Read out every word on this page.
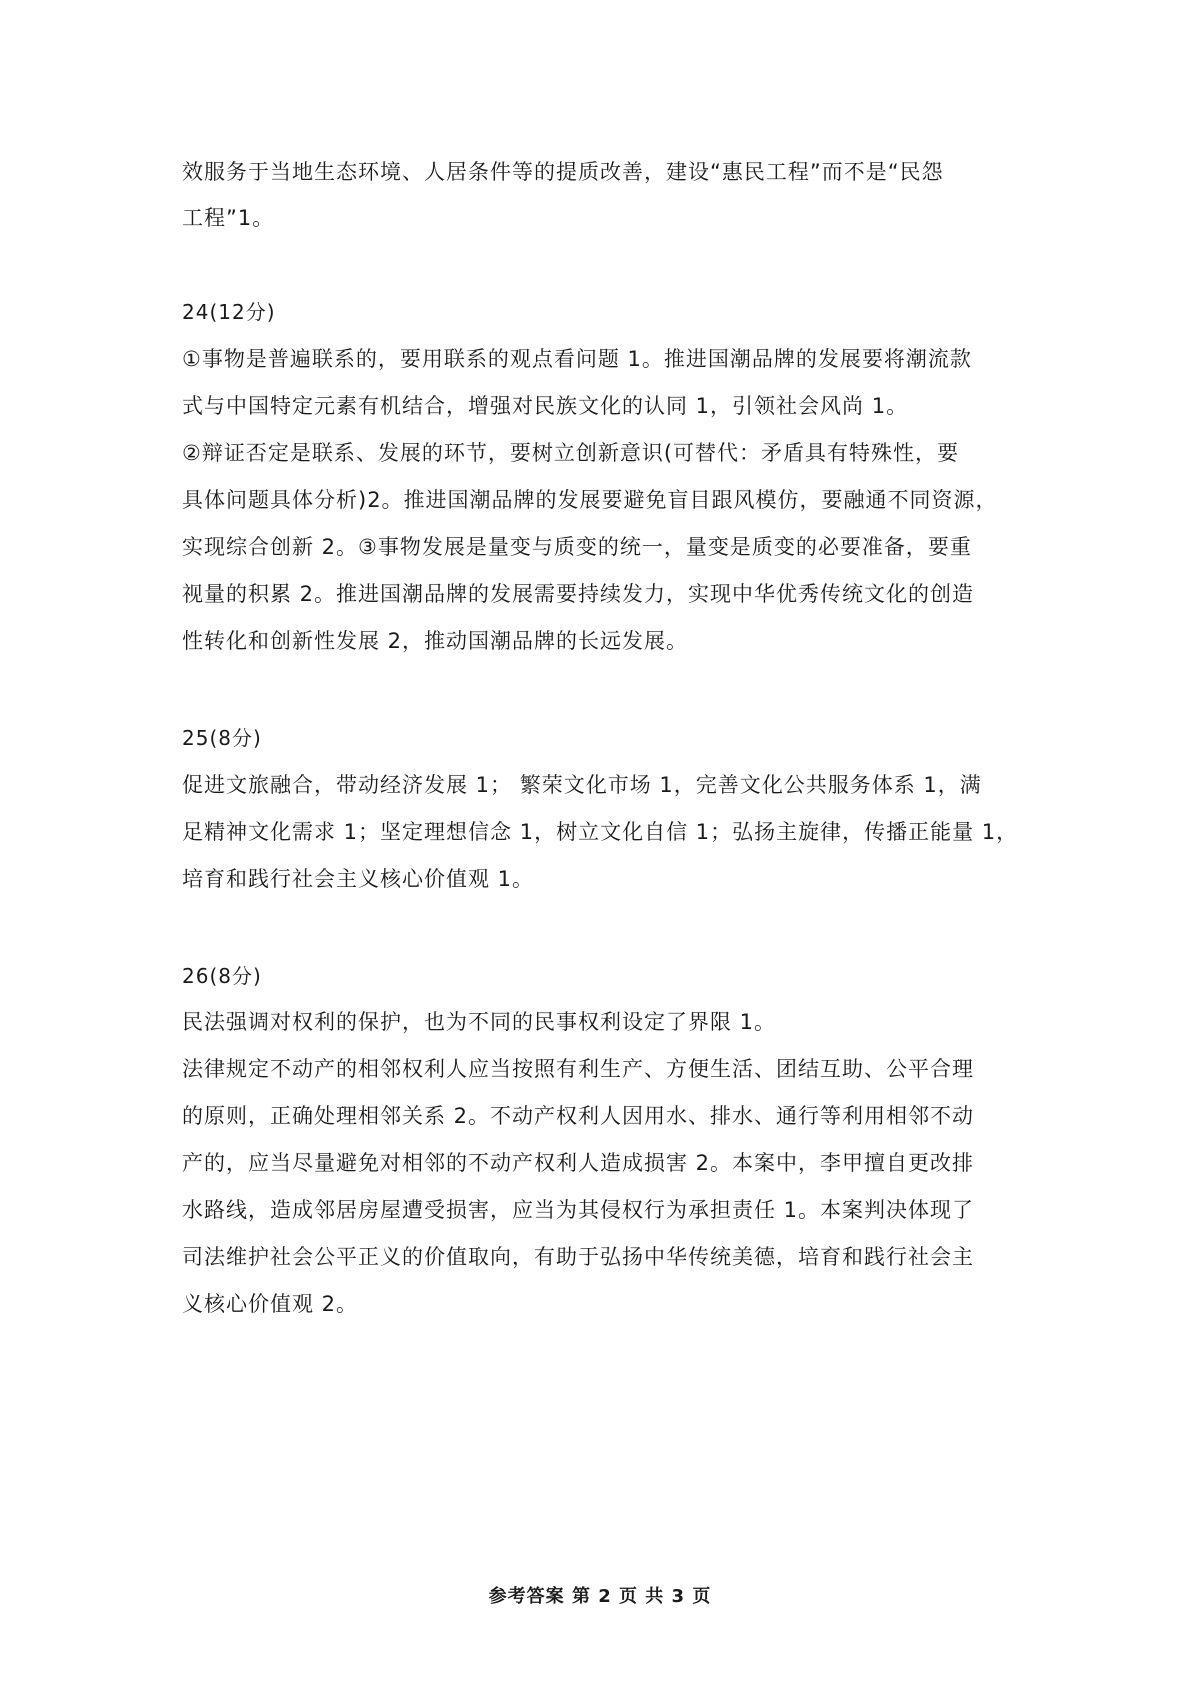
效服务于当地生态环境、人居条件等的提质改善，建设“惠民工程”而不是“民怨
工程”1。
24(12分)
①事物是普遍联系的，要用联系的观点看问题 1。推进国潮品牌的发展要将潮流款
式与中国特定元素有机结合，增强对民族文化的认同 1，引领社会风尚 1。
②辩证否定是联系、发展的环节，要树立创新意识(可替代：矛盾具有特殊性，要
具体问题具体分析)2。推进国潮品牌的发展要避免盲目跟风模仿，要融通不同资源，
实现综合创新 2。③事物发展是量变与质变的统一，量变是质变的必要准备，要重
视量的积累 2。推进国潮品牌的发展需要持续发力，实现中华优秀传统文化的创造
性转化和创新性发展 2，推动国潮品牌的长远发展。
25(8分)
促进文旅融合，带动经济发展 1； 繁荣文化市场 1，完善文化公共服务体系 1，满
足精神文化需求 1；坚定理想信念 1，树立文化自信 1；弘扬主旋律，传播正能量 1，
培育和践行社会主义核心价值观 1。
26(8分)
民法强调对权利的保护，也为不同的民事权利设定了界限 1。
法律规定不动产的相邻权利人应当按照有利生产、方便生活、团结互助、公平合理
的原则，正确处理相邻关系 2。不动产权利人因用水、排水、通行等利用相邻不动
产的，应当尽量避免对相邻的不动产权利人造成损害 2。本案中，李甲擅自更改排
水路线，造成邻居房屋遭受损害，应当为其侵权行为承担责任 1。本案判决体现了
司法维护社会公平正义的价值取向，有助于弘扬中华传统美德，培育和践行社会主
义核心价值观 2。
参考答案 第 2 页 共 3 页
